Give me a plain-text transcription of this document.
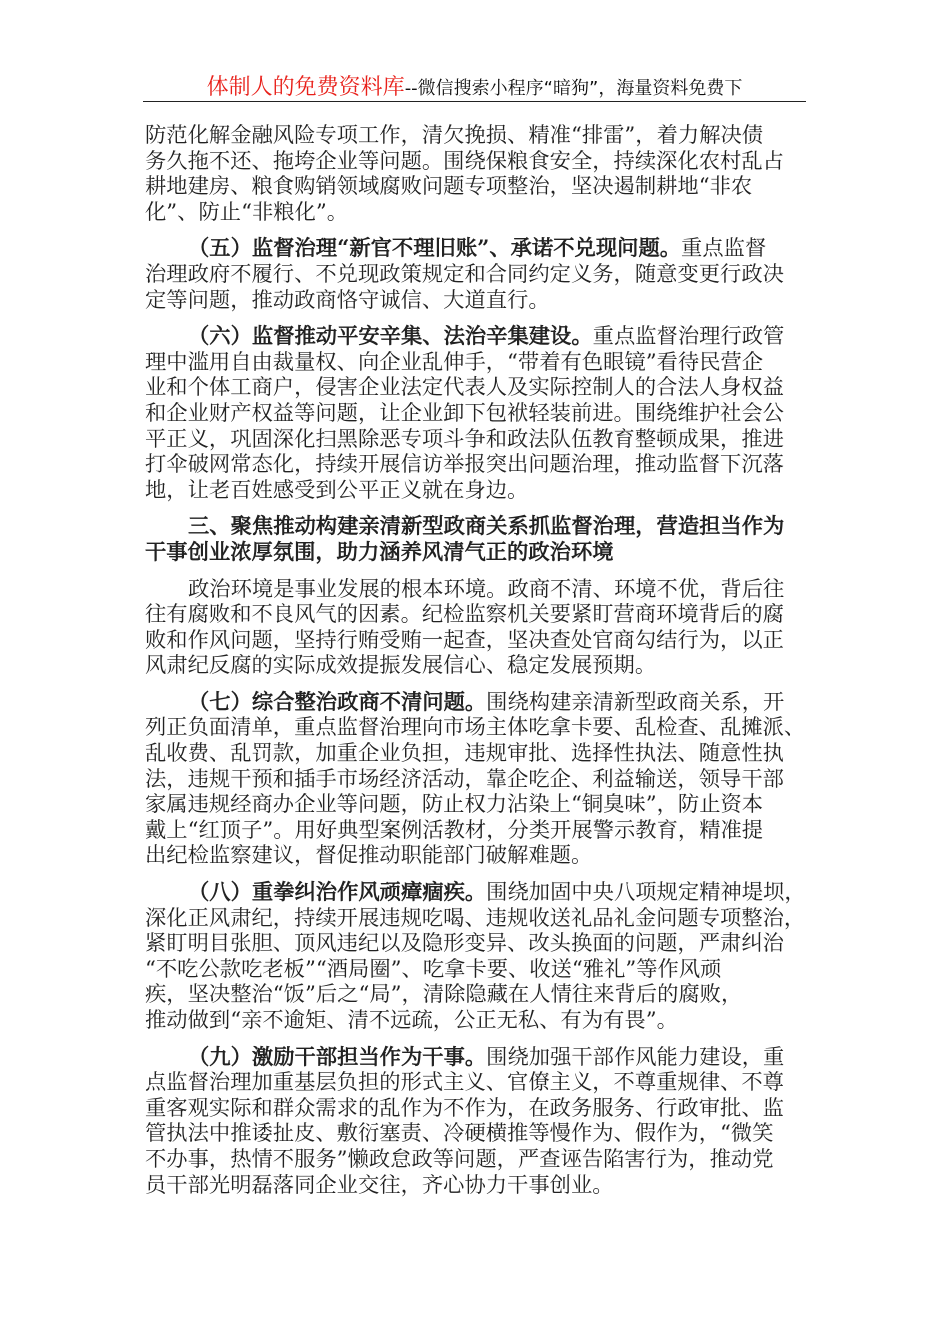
体制人的免费资料库--微信搜索小程序“暗狗”，海量资料免费下
防范化解金融风险专项工作，清欠挽损、精准“排雷”，着力解决债
务久拖不还、拖垮企业等问题。围绕保粮食安全，持续深化农村乱占
耕地建房、粮食购销领域腐败问题专项整治，坚决遏制耕地“非农
化”、防止“非粮化”。
（五）监督治理“新官不理旧账”、承诺不兑现问题。重点监督
治理政府不履行、不兑现政策规定和合同约定义务，随意变更行政决
定等问题，推动政商恪守诚信、大道直行。
（六）监督推动平安辛集、法治辛集建设。重点监督治理行政管
理中滥用自由裁量权、向企业乱伸手，“带着有色眼镜”看待民营企
业和个体工商户，侵害企业法定代表人及实际控制人的合法人身权益
和企业财产权益等问题，让企业卸下包袱轻装前进。围绕维护社会公
平正义，巩固深化扫黑除恶专项斗争和政法队伍教育整顿成果，推进
打伞破网常态化，持续开展信访举报突出问题治理，推动监督下沉落
地，让老百姓感受到公平正义就在身边。
三、聚焦推动构建亲清新型政商关系抓监督治理，营造担当作为
干事创业浓厚氛围，助力涵养风清气正的政治环境
政治环境是事业发展的根本环境。政商不清、环境不优，背后往
往有腐败和不良风气的因素。纪检监察机关要紧盯营商环境背后的腐
败和作风问题，坚持行贿受贿一起查，坚决查处官商勾结行为，以正
风肃纪反腐的实际成效提振发展信心、稳定发展预期。
（七）综合整治政商不清问题。围绕构建亲清新型政商关系，开
列正负面清单，重点监督治理向市场主体吃拿卡要、乱检查、乱摊派、
乱收费、乱罚款，加重企业负担，违规审批、选择性执法、随意性执
法，违规干预和插手市场经济活动，靠企吃企、利益输送，领导干部
家属违规经商办企业等问题，防止权力沾染上“铜臭味”，防止资本
戴上“红顶子”。用好典型案例活教材，分类开展警示教育，精准提
出纪检监察建议，督促推动职能部门破解难题。
（八）重拳纠治作风顽瘴痼疾。围绕加固中央八项规定精神堤坝，
深化正风肃纪，持续开展违规吃喝、违规收送礼品礼金问题专项整治，
紧盯明目张胆、顶风违纪以及隐形变异、改头换面的问题，严肃纠治
“不吃公款吃老板”“酒局圈”、吃拿卡要、收送“雅礼”等作风顽
疾，坚决整治“饭”后之“局”，清除隐藏在人情往来背后的腐败，
推动做到“亲不逾矩、清不远疏，公正无私、有为有畏”。
（九）激励干部担当作为干事。围绕加强干部作风能力建设，重
点监督治理加重基层负担的形式主义、官僚主义，不尊重规律、不尊
重客观实际和群众需求的乱作为不作为，在政务服务、行政审批、监
管执法中推诿扯皮、敷衍塞责、冷硬横推等慢作为、假作为，“微笑
不办事，热情不服务”懒政怠政等问题，严查诬告陷害行为，推动党
员干部光明磊落同企业交往，齐心协力干事创业。
